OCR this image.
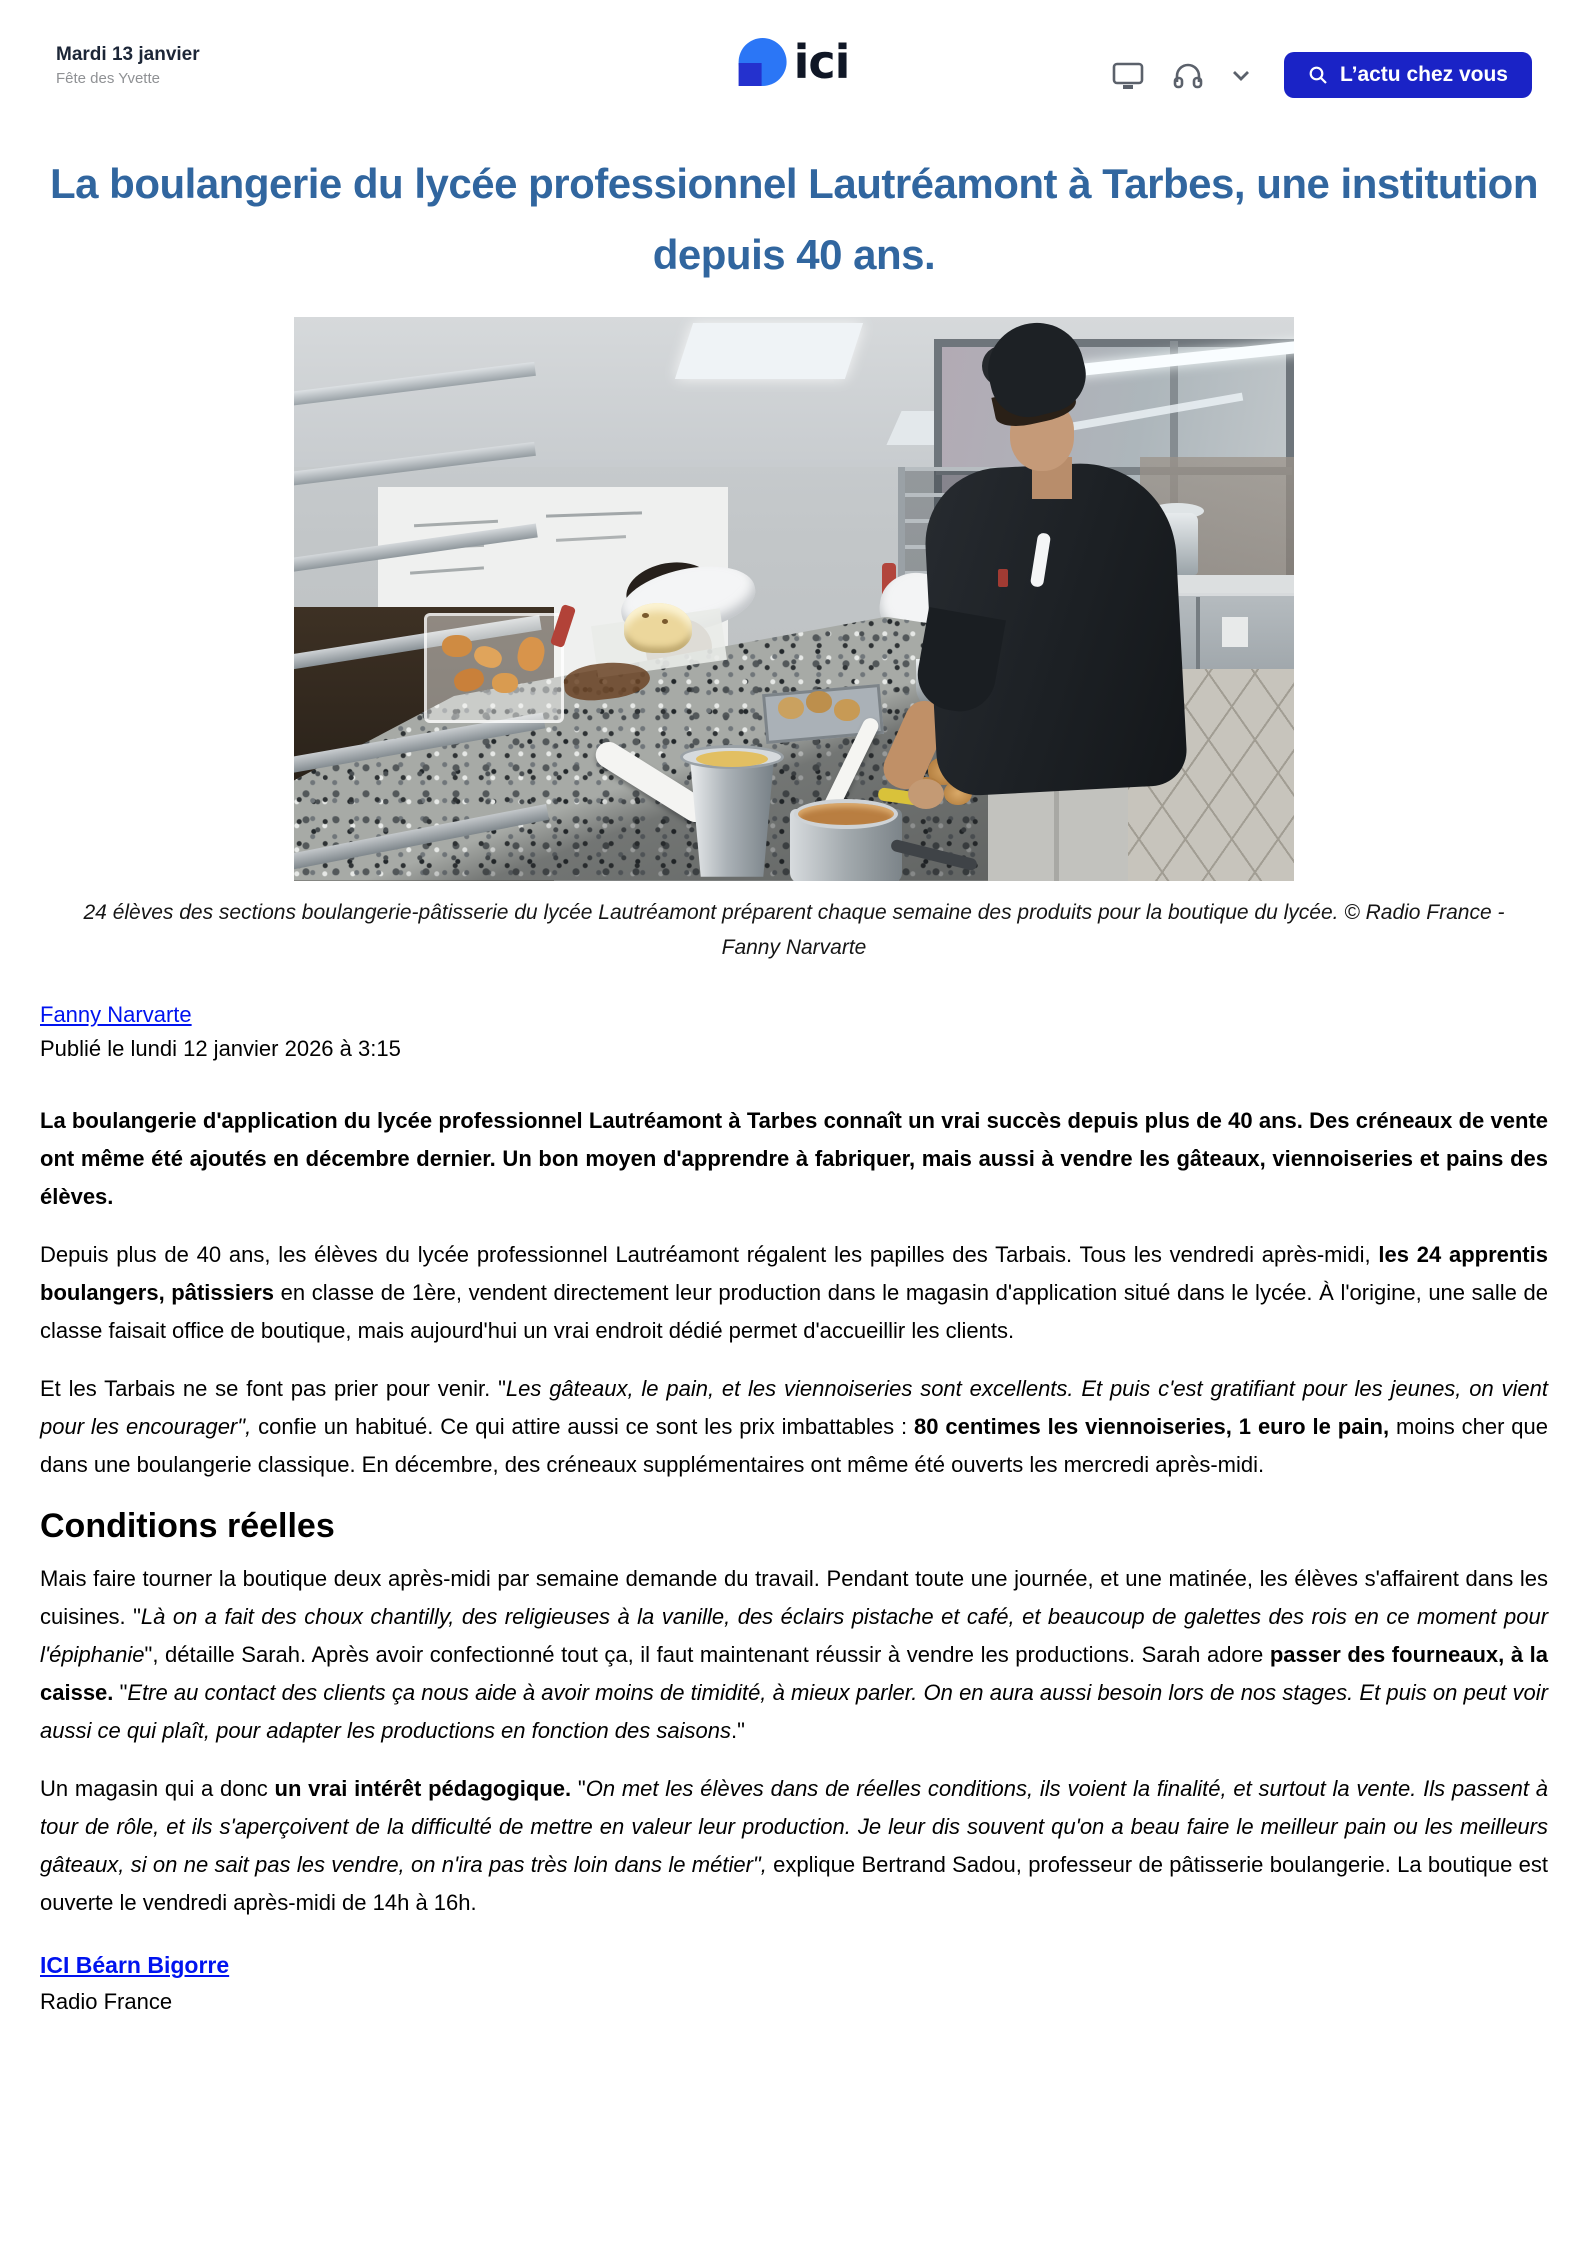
Mardi 13 janvier
Fête des Yvette	ici	L’actu chez vous
La boulangerie du lycée professionnel Lautréamont à Tarbes, une institution depuis 40 ans.
24 élèves des sections boulangerie-pâtisserie du lycée Lautréamont préparent chaque semaine des produits pour la boutique du lycée. © Radio France - Fanny Narvarte
Fanny Narvarte
Publié le lundi 12 janvier 2026 à 3:15

La boulangerie d'application du lycée professionnel Lautréamont à Tarbes connaît un vrai succès depuis plus de 40 ans. Des créneaux de vente ont même été ajoutés en décembre dernier. Un bon moyen d'apprendre à fabriquer, mais aussi à vendre les gâteaux, viennoiseries et pains des élèves.

Depuis plus de 40 ans, les élèves du lycée professionnel Lautréamont régalent les papilles des Tarbais. Tous les vendredi après-midi, les 24 apprentis boulangers, pâtissiers en classe de 1ère, vendent directement leur production dans le magasin d'application situé dans le lycée. À l'origine, une salle de classe faisait office de boutique, mais aujourd'hui un vrai endroit dédié permet d'accueillir les clients.

Et les Tarbais ne se font pas prier pour venir. "Les gâteaux, le pain, et les viennoiseries sont excellents. Et puis c'est gratifiant pour les jeunes, on vient pour les encourager", confie un habitué. Ce qui attire aussi ce sont les prix imbattables : 80 centimes les viennoiseries, 1 euro le pain, moins cher que dans une boulangerie classique. En décembre, des créneaux supplémentaires ont même été ouverts les mercredi après-midi.

Conditions réelles

Mais faire tourner la boutique deux après-midi par semaine demande du travail. Pendant toute une journée, et une matinée, les élèves s'affairent dans les cuisines. "Là on a fait des choux chantilly, des religieuses à la vanille, des éclairs pistache et café, et beaucoup de galettes des rois en ce moment pour l'épiphanie", détaille Sarah. Après avoir confectionné tout ça, il faut maintenant réussir à vendre les productions. Sarah adore passer des fourneaux, à la caisse. "Etre au contact des clients ça nous aide à avoir moins de timidité, à mieux parler. On en aura aussi besoin lors de nos stages. Et puis on peut voir aussi ce qui plaît, pour adapter les productions en fonction des saisons."

Un magasin qui a donc un vrai intérêt pédagogique. "On met les élèves dans de réelles conditions, ils voient la finalité, et surtout la vente. Ils passent à tour de rôle, et ils s'aperçoivent de la difficulté de mettre en valeur leur production. Je leur dis souvent qu'on a beau faire le meilleur pain ou les meilleurs gâteaux, si on ne sait pas les vendre, on n'ira pas très loin dans le métier", explique Bertrand Sadou, professeur de pâtisserie boulangerie. La boutique est ouverte le vendredi après-midi de 14h à 16h.

ICI Béarn Bigorre
Radio France
